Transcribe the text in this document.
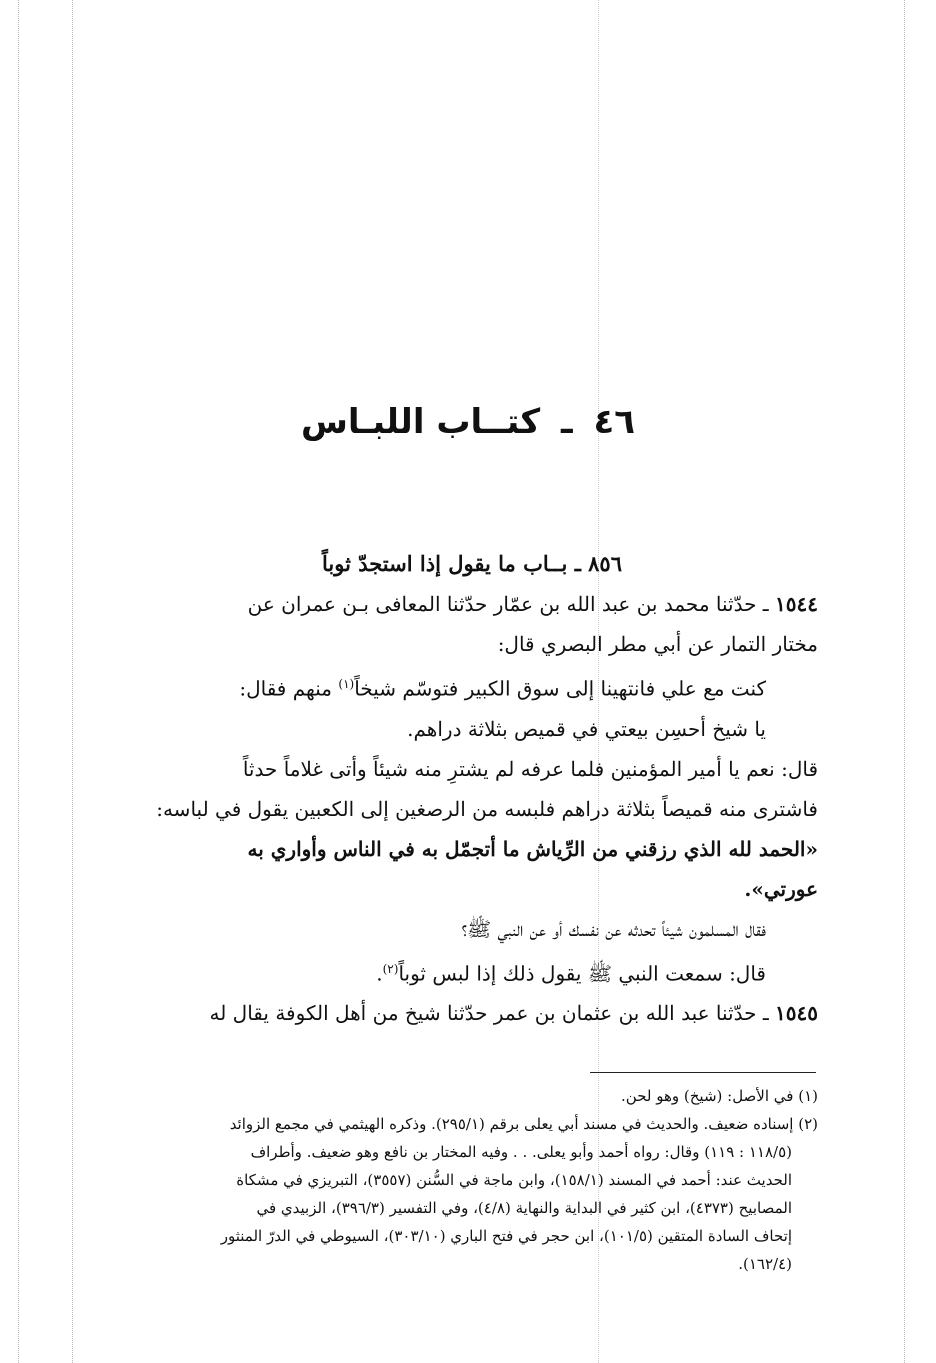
٤٦ ـ كتــاب اللبـاس
٨٥٦ ـ بــاب ما يقول إذا استجدّ ثوباً
١٥٤٤ ـ حدّثنا محمد بن عبد الله بن عمّار حدّثنا المعافى بـن عمران عن
مختار التمار عن أبي مطر البصري قال:
كنت مع علي فانتهينا إلى سوق الكبير فتوسّم شيخاً$^{(١)}$ منهم فقال:
يا شيخ أحسِن بيعتي في قميص بثلاثة دراهم.
قال: نعم يا أمير المؤمنين فلما عرفه لم يشترِ منه شيئاً وأتى غلاماً حدثاً
فاشترى منه قميصاً بثلاثة دراهم فلبسه من الرصغين إلى الكعبين يقول في لباسه:
«الحمد لله الذي رزقني من الرِّياش ما أتجمّل به في الناس وأواري به
عورتي».
فقال المسلمون شيئاً تحدثه عن نفسك أو عن النبي ﷺ؟
قال: سمعت النبي ﷺ يقول ذلك إذا لبس ثوباً$^{(٢)}$.
١٥٤٥ ـ حدّثنا عبد الله بن عثمان بن عمر حدّثنا شيخ من أهل الكوفة يقال له
(١) في الأصل: (شيخ) وهو لحن.
(٢) إسناده ضعيف. والحديث في مسند أبي يعلى برقم (٢٩٥/١). وذكره الهيثمي في مجمع الزوائد
(١١٨/٥ : ١١٩) وقال: رواه أحمد وأبو يعلى. . . وفيه المختار بن نافع وهو ضعيف. وأطراف
الحديث عند: أحمد في المسند (١٥٨/١)، وابن ماجة في السُّنن (٣٥٥٧)، التبريزي في مشكاة
المصابيح (٤٣٧٣)، ابن كثير في البداية والنهاية (٤/٨)، وفي التفسير (٣٩٦/٣)، الزبيدي في
إتحاف السادة المتقين (١٠١/٥)، ابن حجر في فتح الباري (٣٠٣/١٠)، السيوطي في الدرّ المنثور
(١٦٢/٤).
